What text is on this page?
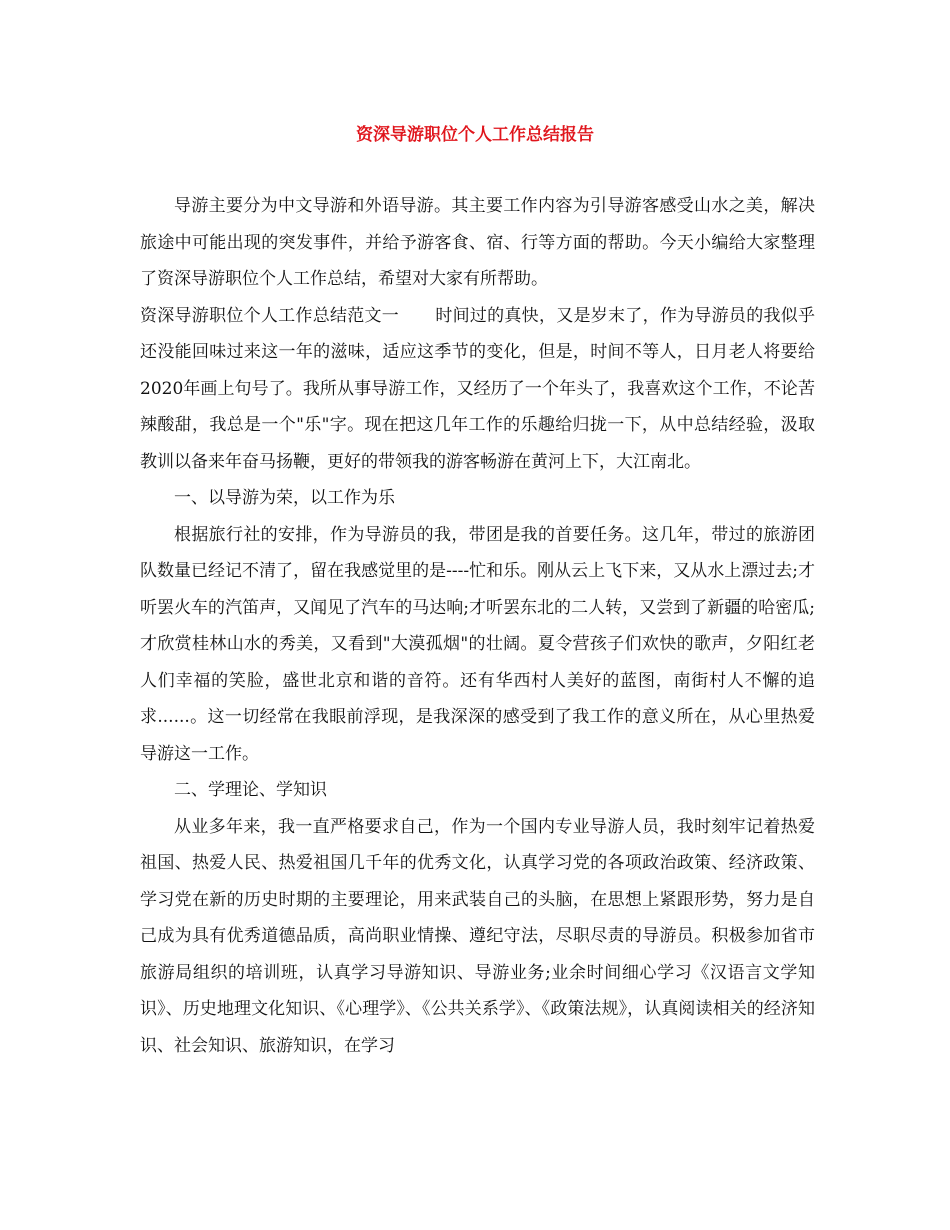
资深导游职位个人工作总结报告

导游主要分为中文导游和外语导游。其主要工作内容为引导游客感受山水之美，解决旅途中可能出现的突发事件，并给予游客食、宿、行等方面的帮助。今天小编给大家整理了资深导游职位个人工作总结，希望对大家有所帮助。

资深导游职位个人工作总结范文一 时间过的真快，又是岁末了，作为导游员的我似乎还没能回味过来这一年的滋味，适应这季节的变化，但是，时间不等人，日月老人将要给2020年画上句号了。我所从事导游工作，又经历了一个年头了，我喜欢这个工作，不论苦辣酸甜，我总是一个"乐"字。现在把这几年工作的乐趣给归拢一下，从中总结经验，汲取教训以备来年奋马扬鞭，更好的带领我的游客畅游在黄河上下，大江南北。

一、以导游为荣，以工作为乐

根据旅行社的安排，作为导游员的我，带团是我的首要任务。这几年，带过的旅游团队数量已经记不清了，留在我感觉里的是----忙和乐。刚从云上飞下来，又从水上漂过去;才听罢火车的汽笛声，又闻见了汽车的马达响;才听罢东北的二人转，又尝到了新疆的哈密瓜;才欣赏桂林山水的秀美，又看到"大漠孤烟"的壮阔。夏令营孩子们欢快的歌声，夕阳红老人们幸福的笑脸，盛世北京和谐的音符。还有华西村人美好的蓝图，南街村人不懈的追求......。这一切经常在我眼前浮现，是我深深的感受到了我工作的意义所在，从心里热爱导游这一工作。

二、学理论、学知识

从业多年来，我一直严格要求自己，作为一个国内专业导游人员，我时刻牢记着热爱祖国、热爱人民、热爱祖国几千年的优秀文化，认真学习党的各项政治政策、经济政策、学习党在新的历史时期的主要理论，用来武装自己的头脑，在思想上紧跟形势，努力是自己成为具有优秀道德品质，高尚职业情操、遵纪守法，尽职尽责的导游员。积极参加省市旅游局组织的培训班，认真学习导游知识、导游业务;业余时间细心学习《汉语言文学知识》、历史地理文化知识、《心理学》、《公共关系学》、《政策法规》，认真阅读相关的经济知识、社会知识、旅游知识，在学习
